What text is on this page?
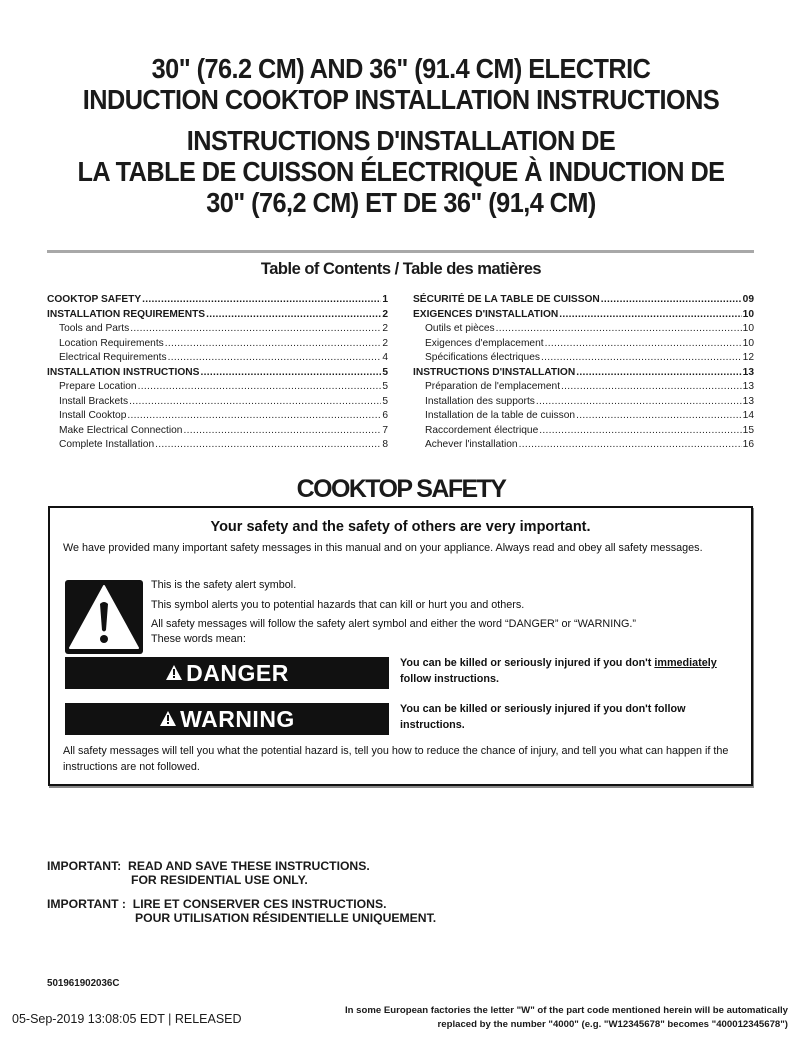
30" (76.2 CM) AND 36" (91.4 CM) ELECTRIC
INDUCTION COOKTOP INSTALLATION INSTRUCTIONS
INSTRUCTIONS D'INSTALLATION DE
LA TABLE DE CUISSON ÉLECTRIQUE À INDUCTION DE
30" (76,2 CM) ET DE 36" (91,4 CM)
Table of Contents / Table des matières
COOKTOP SAFETY .....	1
INSTALLATION REQUIREMENTS .....	2
Tools and Parts .....	2
Location Requirements .....	2
Electrical Requirements .....	4
INSTALLATION INSTRUCTIONS .....	5
Prepare Location .....	5
Install Brackets .....	5
Install Cooktop .....	6
Make Electrical Connection .....	7
Complete Installation .....	8
SÉCURITÉ DE LA TABLE DE CUISSON .....	09
EXIGENCES D'INSTALLATION .....	10
Outils et pièces .....	10
Exigences d'emplacement .....	10
Spécifications électriques .....	12
INSTRUCTIONS D'INSTALLATION .....	13
Préparation de l'emplacement .....	13
Installation des supports .....	13
Installation de la table de cuisson .....	14
Raccordement électrique .....	15
Achever l'installation .....	16
COOKTOP SAFETY
Your safety and the safety of others are very important.
We have provided many important safety messages in this manual and on your appliance. Always read and obey all safety messages.
This is the safety alert symbol.
This symbol alerts you to potential hazards that can kill or hurt you and others.
All safety messages will follow the safety alert symbol and either the word “DANGER” or “WARNING.”
These words mean:
DANGER	You can be killed or seriously injured if you don't immediately
follow instructions.
WARNING	You can be killed or seriously injured if you don't follow instructions.
All safety messages will tell you what the potential hazard is, tell you how to reduce the chance of injury, and tell you what can happen if the instructions are not followed.
IMPORTANT:  READ AND SAVE THESE INSTRUCTIONS.
FOR RESIDENTIAL USE ONLY.
IMPORTANT :  LIRE ET CONSERVER CES INSTRUCTIONS.
POUR UTILISATION RÉSIDENTIELLE UNIQUEMENT.
501961902036C
05-Sep-2019 13:08:05 EDT | RELEASED
In some European factories the letter "W" of the part code mentioned herein will be automatically
replaced by the number "4000" (e.g. "W12345678" becomes "400012345678")
